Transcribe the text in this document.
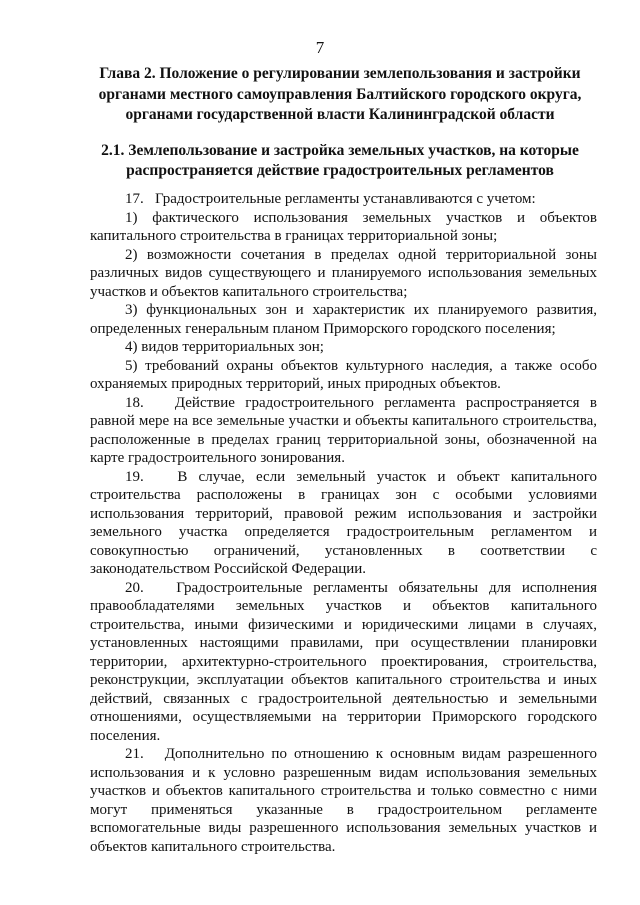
7
Глава 2. Положение о регулировании землепользования и застройки
органами местного самоуправления Балтийского городского округа,
органами государственной власти Калининградской области
2.1. Землепользование и застройка земельных участков, на которые
распространяется действие градостроительных регламентов

17.   Градостроительные регламенты устанавливаются с учетом:

1) фактического использования земельных участков и объектов капитального строительства в границах территориальной зоны;

2) возможности сочетания в пределах одной территориальной зоны различных видов существующего и планируемого использования земельных участков и объектов капитального строительства;

3) функциональных зон и характеристик их планируемого развития, определенных генеральным планом Приморского городского поселения;

4) видов территориальных зон;

5) требований охраны объектов культурного наследия, а также особо охраняемых природных территорий, иных природных объектов.

18.   Действие градостроительного регламента распространяется в равной мере на все земельные участки и объекты капитального строительства, расположенные в пределах границ территориальной зоны, обозначенной на карте градостроительного зонирования.

19.   В случае, если земельный участок и объект капитального строительства расположены в границах зон с особыми условиями использования территорий, правовой режим использования и застройки земельного участка определяется градостроительным регламентом и совокупностью ограничений, установленных в соответствии с законодательством Российской Федерации.

20.   Градостроительные регламенты обязательны для исполнения правообладателями земельных участков и объектов капитального строительства, иными физическими и юридическими лицами в случаях, установленных настоящими правилами, при осуществлении планировки территории, архитектурно-строительного проектирования, строительства, реконструкции, эксплуатации объектов капитального строительства и иных действий, связанных с градостроительной деятельностью и земельными отношениями, осуществляемыми на территории Приморского городского поселения.

21.   Дополнительно по отношению к основным видам разрешенного использования и к условно разрешенным видам использования земельных участков и объектов капитального строительства и только совместно с ними могут применяться указанные в градостроительном регламенте вспомогательные виды разрешенного использования земельных участков и объектов капитального строительства.
